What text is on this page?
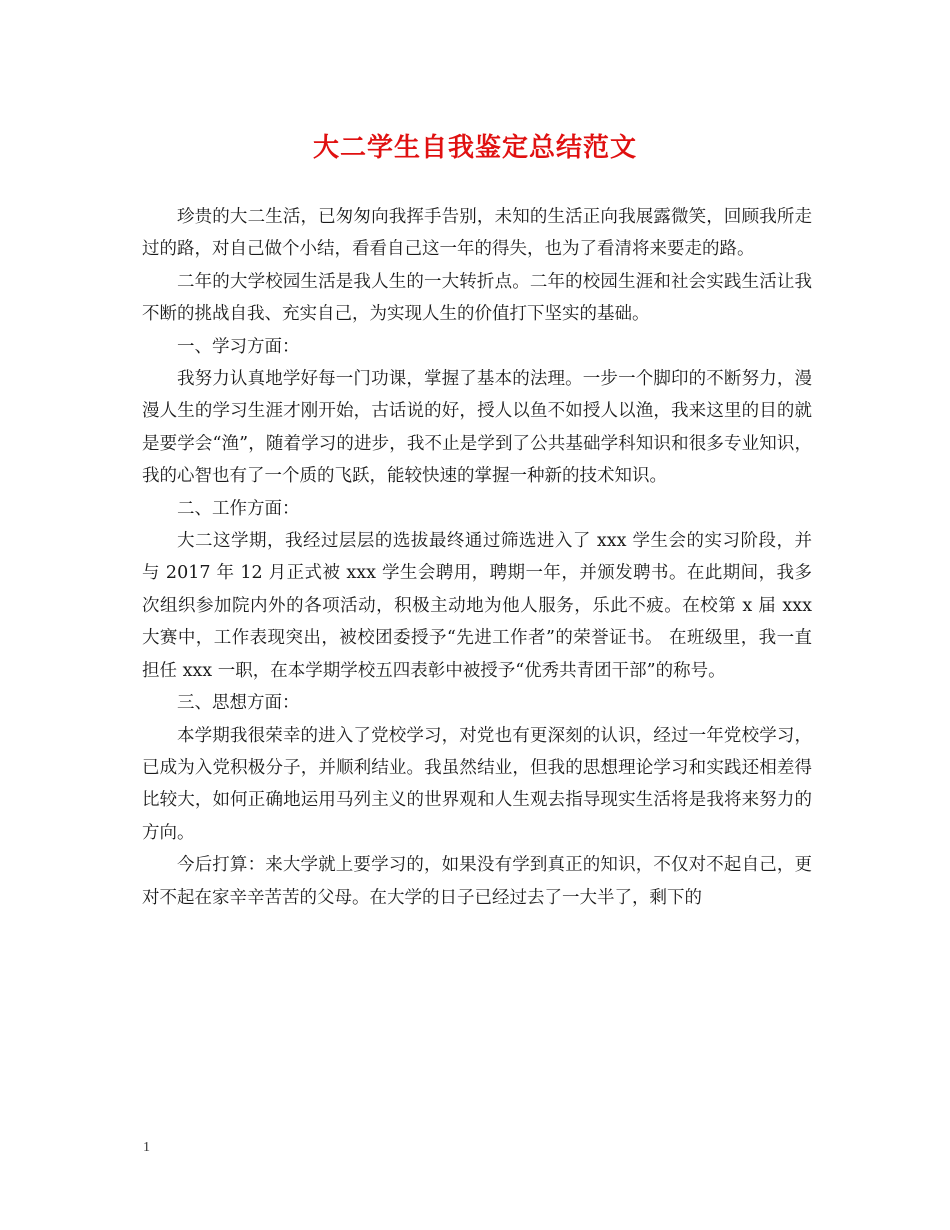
大二学生自我鉴定总结范文

珍贵的大二生活，已匆匆向我挥手告别，未知的生活正向我展露微笑，回顾我所走过的路，对自己做个小结，看看自己这一年的得失，也为了看清将来要走的路。

二年的大学校园生活是我人生的一大转折点。二年的校园生涯和社会实践生活让我不断的挑战自我、充实自己，为实现人生的价值打下坚实的基础。

一、学习方面：

我努力认真地学好每一门功课，掌握了基本的法理。一步一个脚印的不断努力，漫漫人生的学习生涯才刚开始，古话说的好，授人以鱼不如授人以渔，我来这里的目的就是要学会“渔”，随着学习的进步，我不止是学到了公共基础学科知识和很多专业知识，我的心智也有了一个质的飞跃，能较快速的掌握一种新的技术知识。

二、工作方面：

大二这学期，我经过层层的选拔最终通过筛选进入了 xxx 学生会的实习阶段，并与 2017 年 12 月正式被 xxx 学生会聘用，聘期一年，并颁发聘书。在此期间，我多次组织参加院内外的各项活动，积极主动地为他人服务，乐此不疲。在校第 x 届 xxx 大赛中，工作表现突出，被校团委授予“先进工作者”的荣誉证书。 在班级里，我一直担任 xxx 一职，在本学期学校五四表彰中被授予“优秀共青团干部”的称号。

三、思想方面：

本学期我很荣幸的进入了党校学习，对党也有更深刻的认识，经过一年党校学习，已成为入党积极分子，并顺利结业。我虽然结业，但我的思想理论学习和实践还相差得比较大，如何正确地运用马列主义的世界观和人生观去指导现实生活将是我将来努力的方向。

今后打算：来大学就上要学习的，如果没有学到真正的知识，不仅对不起自己，更对不起在家辛辛苦苦的父母。在大学的日子已经过去了一大半了，剩下的

1
